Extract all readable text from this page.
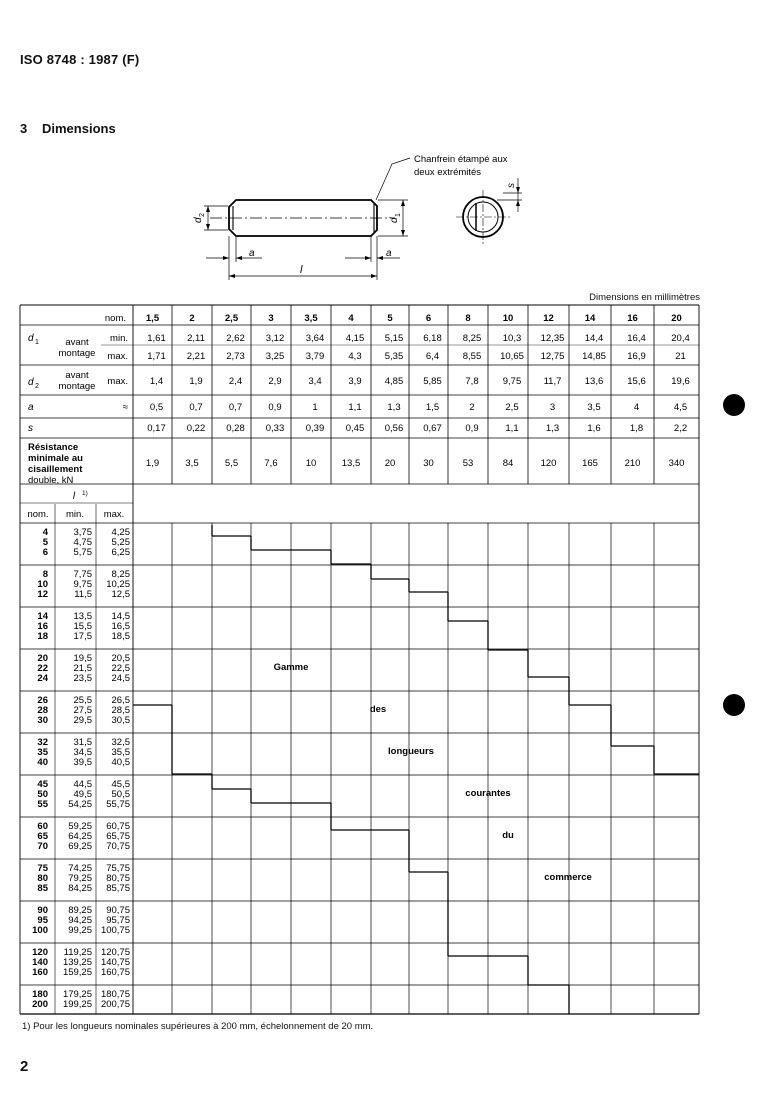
ISO 8748 : 1987 (F)
3 Dimensions
Chanfrein étampé aux
deux extrémités
d
2
d
1
a	a
l
s
Dimensions en millimètres
nom. 1,5	2	2,5	3	3,5	4	5	6	8	10	12	14	16	20
d 1	avant
montage
min.
max.
1,61 2,11 2,62 3,12 3,64 4,15 5,15 6,18 8,25 10,3 12,35 14,4	16,4	20,4
1,71 2,21 2,73 3,25 3,79	4,3 5,35 6,4 8,55 10,65 12,75 14,85 16,9	21
d 2
avant
montage max. 1,4	1,9	2,4	2,9	3,4	3,9 4,85 5,85 7,8	9,75 11,7 13,6	15,6	19,6
a	≈ 0,5	0,7	0,7	0,9	1	1,1	1,3	1,5	2	2,5	3	3,5	4	4,5
s	0,17 0,22 0,28 0,33 0,39 0,45 0,56 0,67 0,9	1,1	1,3	1,6	1,8	2,2
Résistance
minimale au
cisaillement
double, kN
1,9	3,5	5,5	7,6	10	13,5	20	30	53	84	120	165	210	340
l 1)
nom. min. max.
4	3,75 4,25
5	4,75 5,25
6	5,75 6,25
8	7,75 8,25
10	9,75 10,25
12	11,5 12,5
14	13,5 14,5
16	15,5 16,5
18	17,5 18,5
20	19,5 20,5
22	21,5 22,5
24	23,5 24,5
26	25,5 26,5
28	27,5 28,5
30	29,5 30,5
32	31,5 32,5
35	34,5 35,5
40	39,5 40,5
45	44,5 45,5
50	49,5 50,5
55 54,25 55,75
60 59,25 60,75
65 64,25 65,75
70 69,25 70,75
75 74,25 75,75
80 79,25 80,75
85 84,25 85,75
90 89,25 90,75
95 94,25 95,75
100 99,25 100,75
120 119,25 120,75
140 139,25 140,75
160 159,25 160,75
180 179,25 180,75
200 199,25 200,75
Gamme
des
longueurs
courantes
du
commerce
1) Pour les longueurs nominales supérieures à 200 mm, échelonnement de 20 mm.
2
